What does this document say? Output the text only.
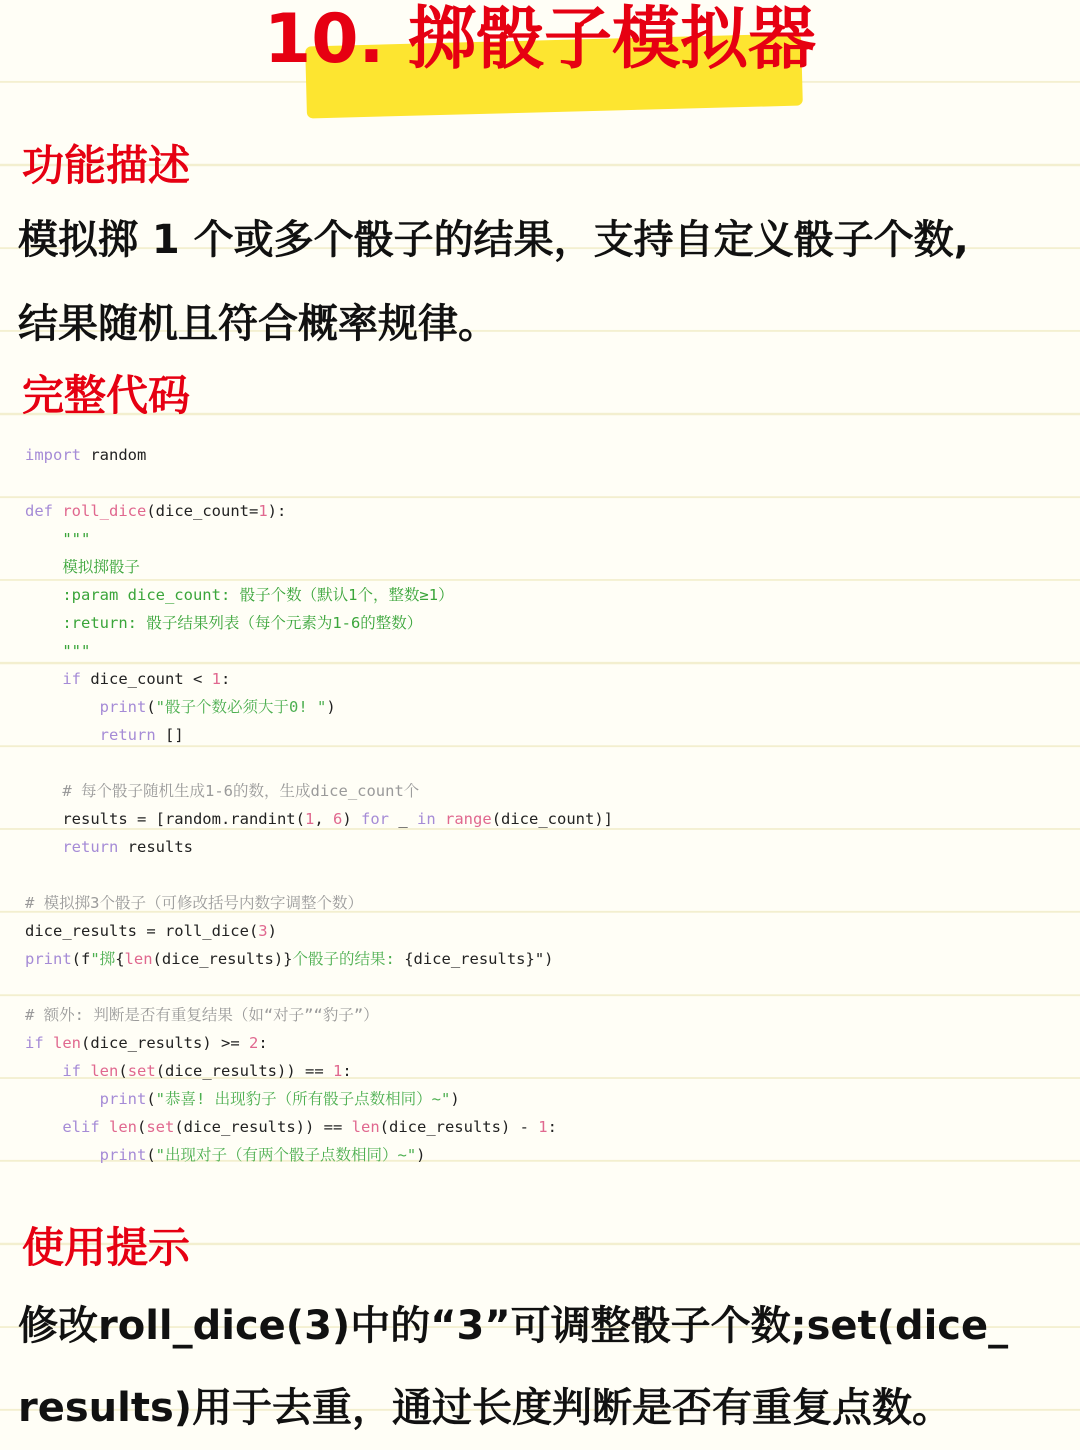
10. 掷骰子模拟器
功能描述
模拟掷 1 个或多个骰子的结果，支持自定义骰子个数,
结果随机且符合概率规律。
完整代码
import random
def roll_dice(dice_count=1):
"""
模拟掷骰子
:param dice_count: 骰子个数（默认1个，整数≥1）
:return: 骰子结果列表（每个元素为1-6的整数）
"""
if dice_count < 1:
print("骰子个数必须大于0! ")
return []
# 每个骰子随机生成1-6的数，生成dice_count个
results = [random.randint(1, 6) for _ in range(dice_count)]
return results
# 模拟掷3个骰子（可修改括号内数字调整个数）
dice_results = roll_dice(3)
print(f"掷{len(dice_results)}个骰子的结果: {dice_results}")
# 额外: 判断是否有重复结果（如“对子”“豹子”）
if len(dice_results) >= 2:
if len(set(dice_results)) == 1:
print("恭喜! 出现豹子（所有骰子点数相同）~")
elif len(set(dice_results)) == len(dice_results) - 1:
print("出现对子（有两个骰子点数相同）~")
使用提示
修改roll_dice(3)中的“3”可调整骰子个数;set(dice_
results)用于去重，通过长度判断是否有重复点数。
